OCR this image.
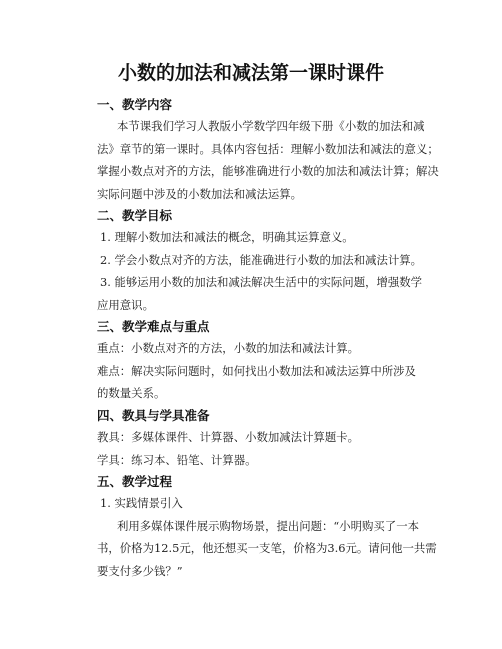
小数的加法和减法第一课时课件
一、教学内容
本节课我们学习人教版小学数学四年级下册《小数的加法和减
法》章节的第一课时。具体内容包括：理解小数加法和减法的意义；
掌握小数点对齐的方法，能够准确进行小数的加法和减法计算；解决
实际问题中涉及的小数加法和减法运算。
二、教学目标
1. 理解小数加法和减法的概念，明确其运算意义。
2. 学会小数点对齐的方法，能准确进行小数的加法和减法计算。
3. 能够运用小数的加法和减法解决生活中的实际问题，增强数学
应用意识。
三、教学难点与重点
重点：小数点对齐的方法，小数的加法和减法计算。
难点：解决实际问题时，如何找出小数加法和减法运算中所涉及
的数量关系。
四、教具与学具准备
教具：多媒体课件、计算器、小数加减法计算题卡。
学具：练习本、铅笔、计算器。
五、教学过程
1. 实践情景引入
利用多媒体课件展示购物场景，提出问题：“小明购买了一本
书，价格为12.5元，他还想买一支笔，价格为3.6元。请问他一共需
要支付多少钱？”
